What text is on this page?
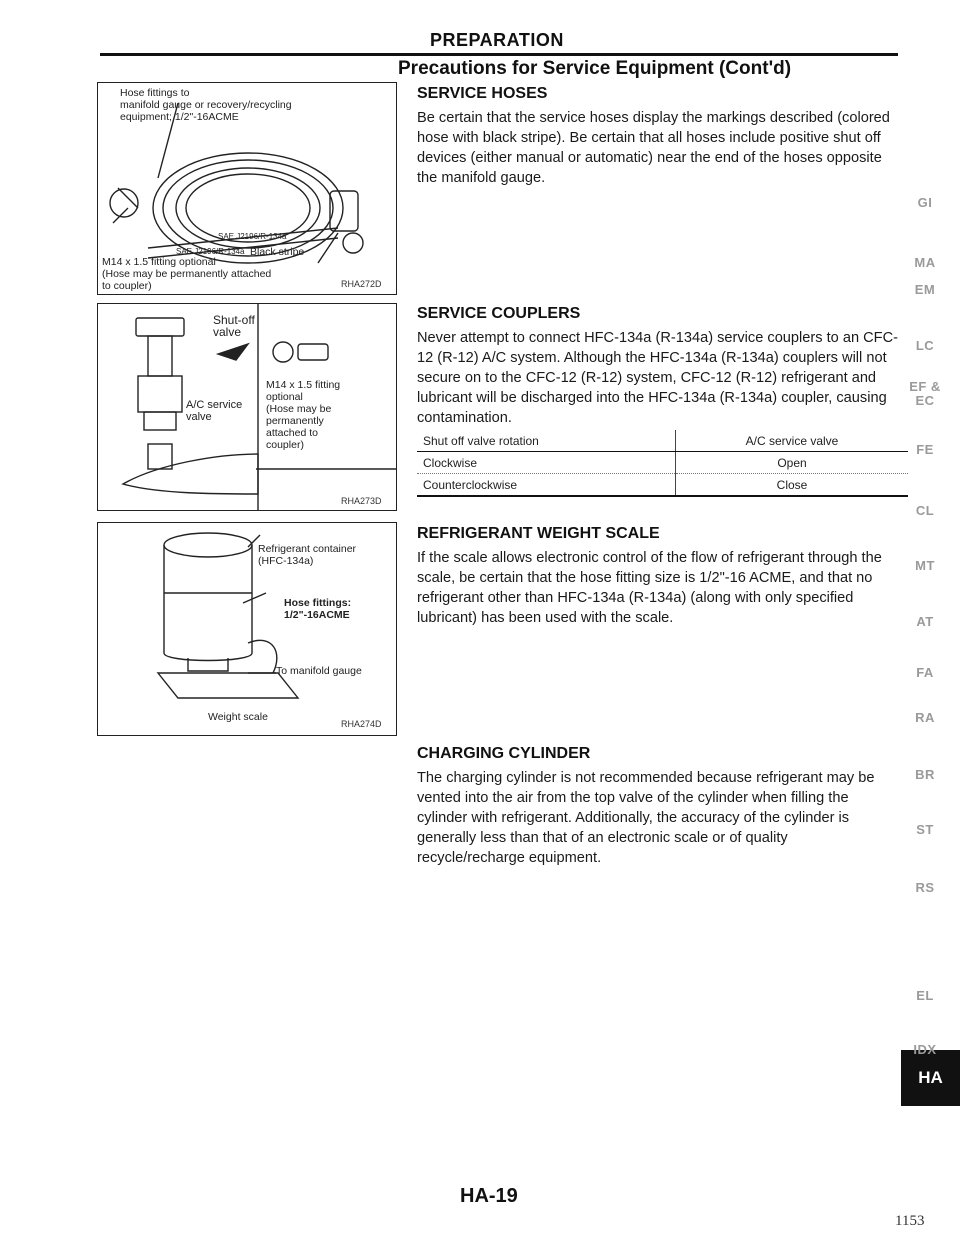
PREPARATION
Precautions for Service Equipment (Cont'd)
Hose fittings to
manifold gauge or recovery/recycling
equipment; 1/2"-16ACME
SAE J2196/R-134a
SAE J2196/R-134a Black stripe
M14 x 1.5 fitting optional
(Hose may be permanently attached
to coupler)	RHA272D
Shut-off
valve
A/C service
valve
M14 x 1.5 fitting
optional
(Hose may be
permanently
attached to
coupler)
RHA273D
Refrigerant container
(HFC-134a)
Hose fittings:
1/2"-16ACME
To manifold gauge
Weight scale
RHA274D
SERVICE HOSES
Be certain that the service hoses display the markings described (colored hose with black stripe). Be certain that all hoses include positive shut off devices (either manual or automatic) near the end of the hoses opposite the manifold gauge.
SERVICE COUPLERS
Never attempt to connect HFC-134a (R-134a) service couplers to an CFC-12 (R-12) A/C system. Although the HFC-134a (R-134a) couplers will not secure on to the CFC-12 (R-12) system, CFC-12 (R-12) refrigerant and lubricant will be discharged into the HFC-134a (R-134a) coupler, causing contamination.
Shut off valve rotation	A/C service valve
Clockwise	Open
Counterclockwise	Close
REFRIGERANT WEIGHT SCALE
If the scale allows electronic control of the flow of refrigerant through the scale, be certain that the hose fitting size is 1/2"-16 ACME, and that no refrigerant other than HFC-134a (R-134a) (along with only specified lubricant) has been used with the scale.
CHARGING CYLINDER
The charging cylinder is not recommended because refrigerant may be vented into the air from the top valve of the cylinder when filling the cylinder with refrigerant. Additionally, the accuracy of the cylinder is generally less than that of an electronic scale or of quality recycle/recharge equipment.
GI
MA
EM
LC
EF &
EC
FE
CL
MT
AT
FA
RA
BR
ST
RS
HA
EL
IDX
HA-19
1153
